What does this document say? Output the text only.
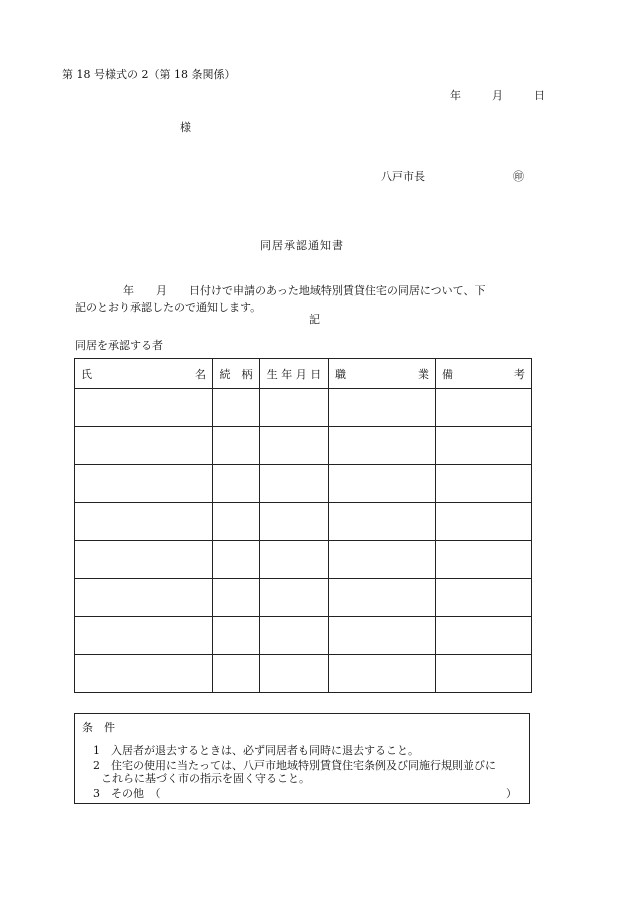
第 18 号様式の 2（第 18 条関係）
年	月	日
様
八戸市長	㊞
同居承認通知書
年 月 日付けで申請のあった地域特別賃貸住宅の同居について、下
記のとおり承認したので通知します。
記
同居を承認する者
氏 名	続　柄	生 年 月 日	職 業	備 考

条　件
1　入居者が退去するときは、必ず同居者も同時に退去すること。
2　住宅の使用に当たっては、八戸市地域特別賃貸住宅条例及び同施行規則並びに
これらに基づく市の指示を固く守ること。
3　その他　（	）
